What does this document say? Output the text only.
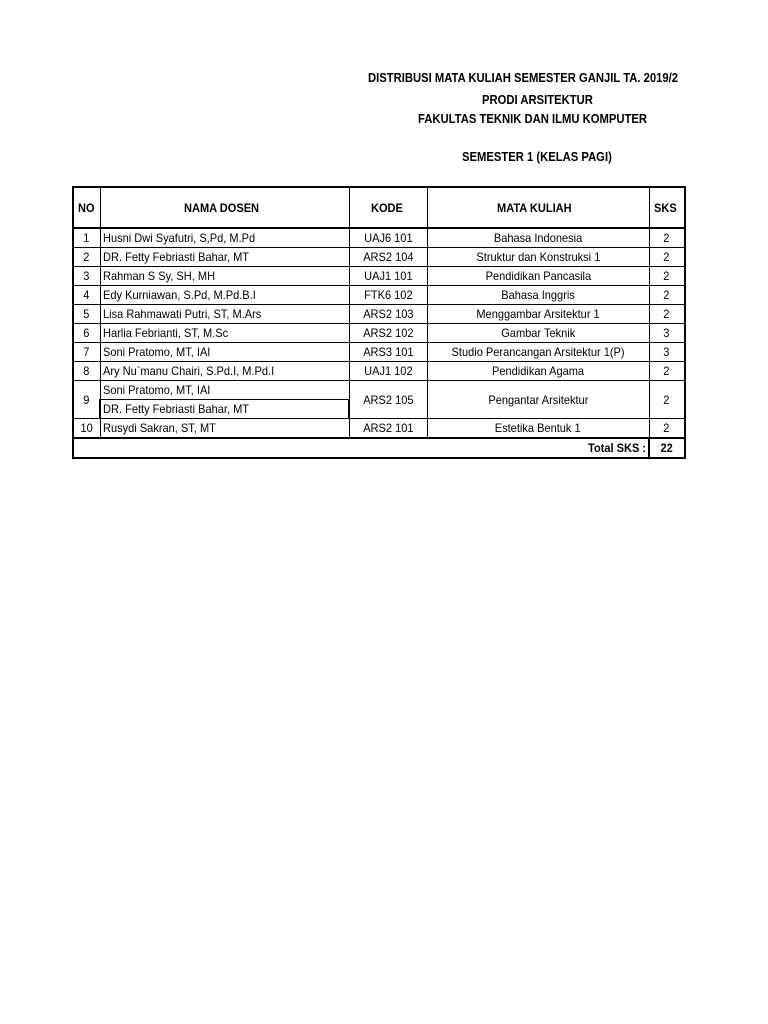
DISTRIBUSI MATA KULIAH SEMESTER GANJIL TA. 2019/2
PRODI ARSITEKTUR
FAKULTAS TEKNIK DAN ILMU KOMPUTER
SEMESTER 1 (KELAS PAGI)
NO	NAMA DOSEN	KODE	MATA KULIAH	SKS
1	Husni Dwi Syafutri, S,Pd, M.Pd	UAJ6 101	Bahasa Indonesia	2
2	DR. Fetty Febriasti Bahar, MT	ARS2 104	Struktur dan Konstruksi 1	2
3	Rahman S Sy, SH, MH	UAJ1 101	Pendidikan Pancasila	2
4	Edy Kurniawan, S.Pd, M.Pd.B.I	FTK6 102	Bahasa Inggris	2
5	Lisa Rahmawati Putri, ST, M.Ars	ARS2 103	Menggambar Arsitektur 1	2
6	Harlia Febrianti, ST, M.Sc	ARS2 102	Gambar Teknik	3
7	Soni Pratomo, MT, IAI	ARS3 101	Studio Perancangan Arsitektur 1(P)	3
8	Ary Nu`manu Chairi, S.Pd.I, M.Pd.I	UAJ1 102	Pendidikan Agama	2
9	Soni Pratomo, MT, IAI	ARS2 105	Pengantar Arsitektur	2
	DR. Fetty Febriasti Bahar, MT			
10	Rusydi Sakran, ST, MT	ARS2 101	Estetika Bentuk 1	2
Total SKS :				22
